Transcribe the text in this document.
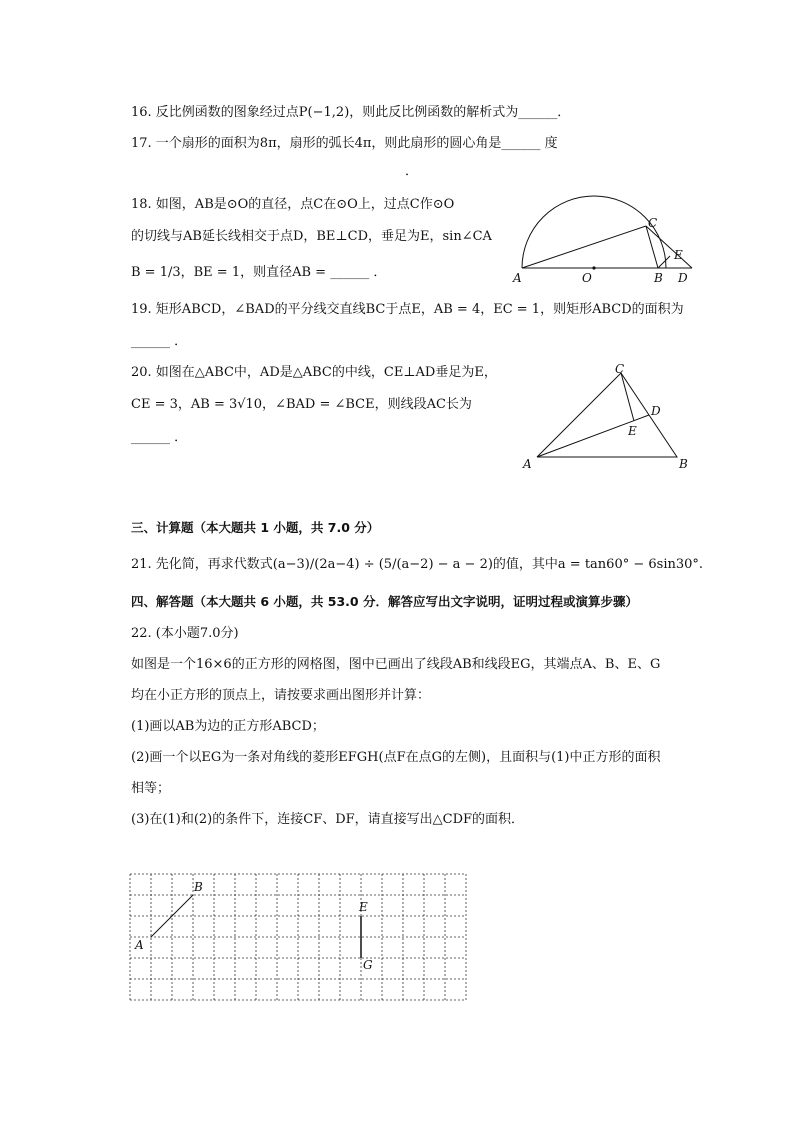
16. 反比例函数的图象经过点P(−1,2)，则此反比例函数的解析式为______．
17. 一个扇形的面积为8π，扇形的弧长4π，则此扇形的圆心角是______ 度
．
18. 如图，AB是⊙O的直径，点C在⊙O上，过点C作⊙O
的切线与AB延长线相交于点D，BE⊥CD，垂足为E，sin∠CA
B = 1/3，BE = 1，则直径AB = ______ ．	A	O	B D
C
E
19. 矩形ABCD，∠BAD的平分线交直线BC于点E，AB = 4，EC = 1，则矩形ABCD的面积为
______ ．
20. 如图在△ABC中，AD是△ABC的中线，CE⊥AD垂足为E，
CE = 3，AB = 3√10，∠BAD = ∠BCE，则线段AC长为
______ ．
C
D
E
A	B
三、计算题（本大题共 1 小题，共 7.0 分）
21. 先化简，再求代数式(a−3)/(2a−4) ÷ (5/(a−2) − a − 2)的值，其中a = tan60° − 6sin30°.
四、解答题（本大题共 6 小题，共 53.0 分．解答应写出文字说明，证明过程或演算步骤）
22. (本小题7.0分)
如图是一个16×6的正方形的网格图，图中已画出了线段AB和线段EG，其端点A、B、E、G
均在小正方形的顶点上，请按要求画出图形并计算：
(1)画以AB为边的正方形ABCD；
(2)画一个以EG为一条对角线的菱形EFGH(点F在点G的左侧)，且面积与(1)中正方形的面积
相等；
(3)在(1)和(2)的条件下，连接CF、DF，请直接写出△CDF的面积．
A
B
E
G
